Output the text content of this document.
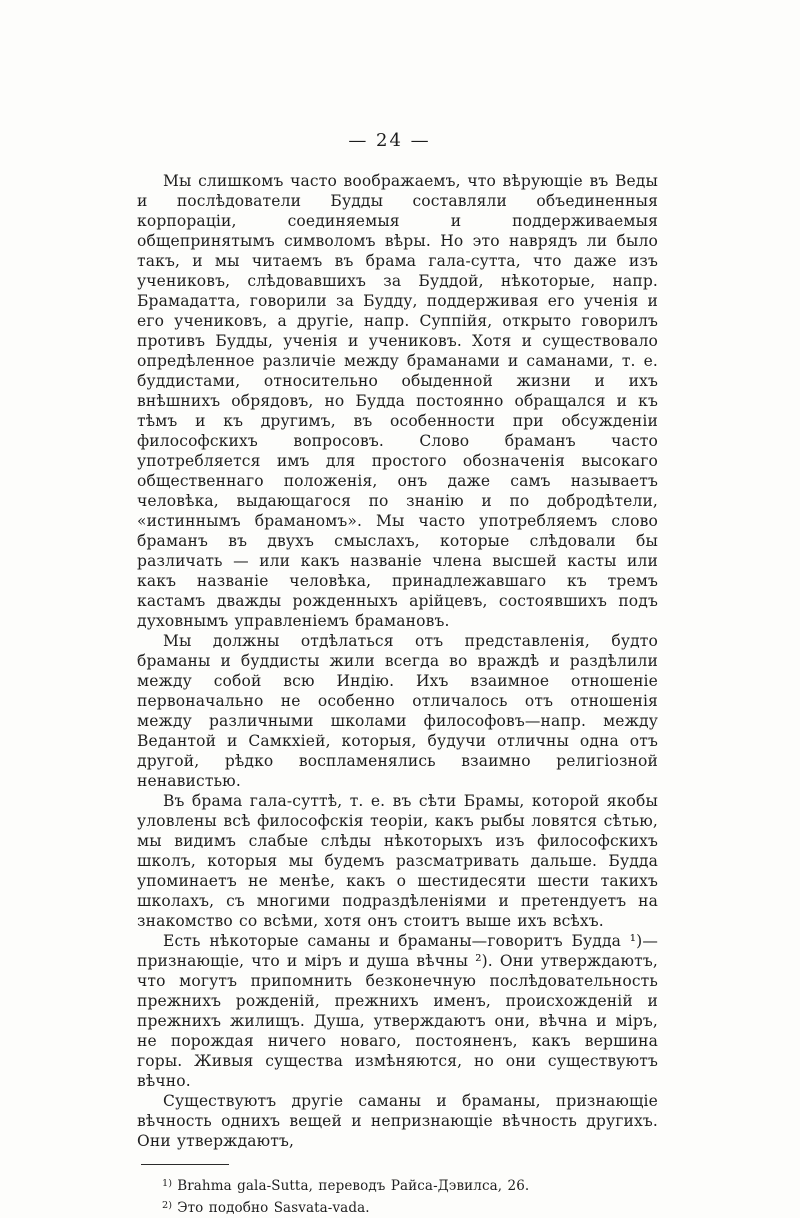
— 24 —

Мы слишкомъ часто воображаемъ, что вѣрующіе въ Веды и послѣдователи Будды составляли объединенныя корпораціи, соединяемыя и поддерживаемыя общепринятымъ символомъ вѣры. Но это наврядъ ли было такъ, и мы читаемъ въ брама гала-сутта, что даже изъ учениковъ, слѣдовавшихъ за Буддой, нѣкоторые, напр. Брамадатта, говорили за Будду, поддерживая его ученія и его учениковъ, а другіе, напр. Суппійя, открыто говорилъ противъ Будды, ученія и учениковъ. Хотя и существовало опредѣленное различіе между браманами и саманами, т. е. буддистами, относительно обыденной жизни и ихъ внѣшнихъ обрядовъ, но Будда постоянно обращался и къ тѣмъ и къ другимъ, въ особенности при обсужденіи философскихъ вопросовъ. Слово браманъ часто употребляется имъ для простого обозначенія высокаго общественнаго положенія, онъ даже самъ называетъ человѣка, выдающагося по знанію и по добродѣтели, «истиннымъ браманомъ». Мы часто употребляемъ слово браманъ въ двухъ смыслахъ, которые слѣдовали бы различать — или какъ названіе члена высшей касты или какъ названіе человѣка, принадлежавшаго къ тремъ кастамъ дважды рожденныхъ арійцевъ, состоявшихъ подъ духовнымъ управленіемъ брамановъ.

Мы должны отдѣлаться отъ представленія, будто браманы и буддисты жили всегда во враждѣ и раздѣлили между собой всю Индію. Ихъ взаимное отношеніе первоначально не особенно отличалось отъ отношенія между различными школами философовъ—напр. между Ведантой и Самкхіей, которыя, будучи отличны одна отъ другой, рѣдко воспламенялись взаимно религіозной ненавистью.

Въ брама гала-суттѣ, т. е. въ сѣти Брамы, которой якобы уловлены всѣ философскія теоріи, какъ рыбы ловятся сѣтью, мы видимъ слабые слѣды нѣкоторыхъ изъ философскихъ школъ, которыя мы будемъ разсматривать дальше. Будда упоминаетъ не менѣе, какъ о шестидесяти шести такихъ школахъ, съ многими подраздѣленіями и претендуетъ на знакомство со всѣми, хотя онъ стоитъ выше ихъ всѣхъ.

Есть нѣкоторые саманы и браманы—говоритъ Будда ¹)—признающіе, что и міръ и душа вѣчны ²). Они утверждаютъ, что могутъ припомнить безконечную послѣдовательность прежнихъ рожденій, прежнихъ именъ, происхожденій и прежнихъ жилищъ. Душа, утверждаютъ они, вѣчна и міръ, не порождая ничего новаго, постояненъ, какъ вершина горы. Живыя существа измѣняются, но они существуютъ вѣчно.

Существуютъ другіе саманы и браманы, признающіе вѣчность однихъ вещей и непризнающіе вѣчность другихъ. Они утверждаютъ,

$^{1)}$ Brahma gala-Sutta, переводъ Райса-Дэвилса, 26.
$^{2)}$ Это подобно Sasvata-vada.
